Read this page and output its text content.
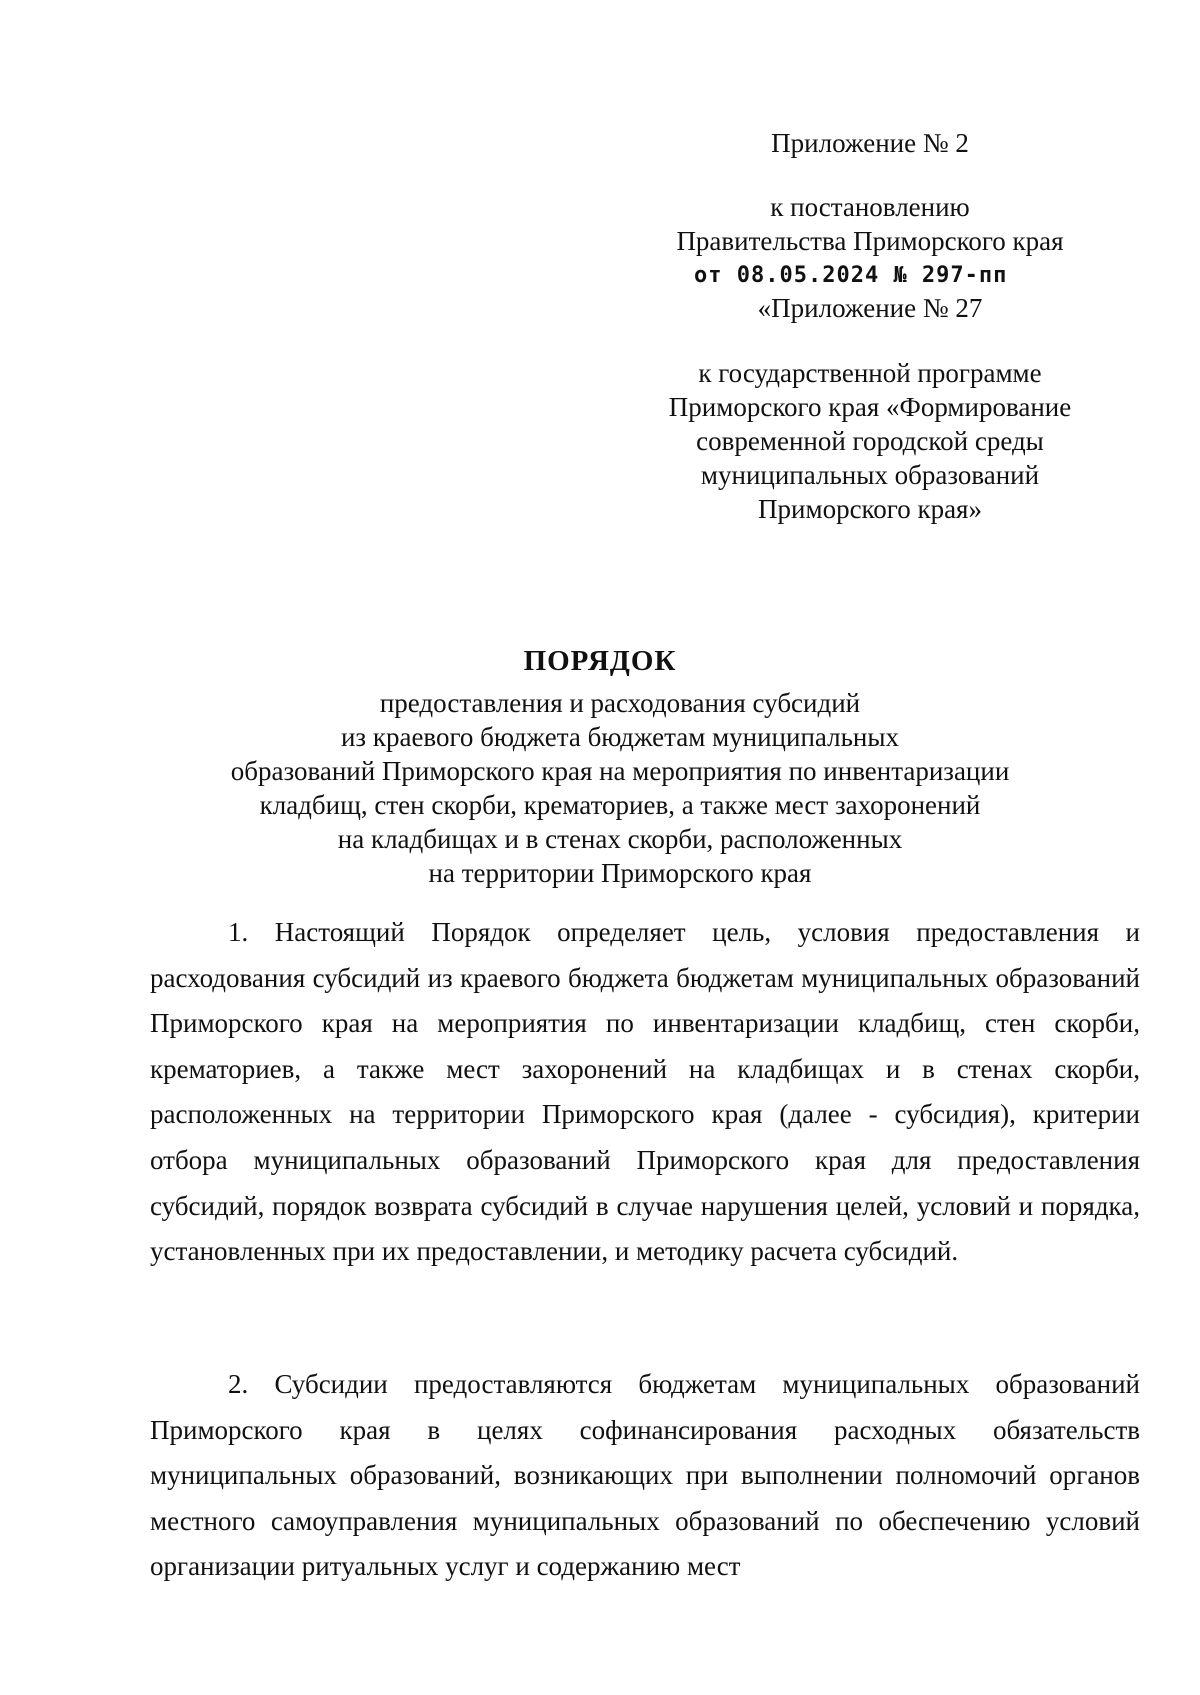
Приложение № 2
к постановлению
Правительства Приморского края
от 08.05.2024 № 297-пп
«Приложение № 27
к государственной программе
Приморского края «Формирование
современной городской среды
муниципальных образований
Приморского края»
ПОРЯДОК
предоставления и расходования субсидий
из краевого бюджета бюджетам муниципальных
образований Приморского края на мероприятия по инвентаризации
кладбищ, стен скорби, крематориев, а также мест захоронений
на кладбищах и в стенах скорби, расположенных
на территории Приморского края

1. Настоящий Порядок определяет цель, условия предоставления и расходования субсидий из краевого бюджета бюджетам муниципальных образований Приморского края на мероприятия по инвентаризации кладбищ, стен скорби, крематориев, а также мест захоронений на кладбищах и в стенах скорби, расположенных на территории Приморского края (далее - субсидия), критерии отбора муниципальных образований Приморского края для предоставления субсидий, порядок возврата субсидий в случае нарушения целей, условий и порядка, установленных при их предоставлении, и методику расчета субсидий.

2. Субсидии предоставляются бюджетам муниципальных образований Приморского края в целях софинансирования расходных обязательств муниципальных образований, возникающих при выполнении полномочий органов местного самоуправления муниципальных образований по обеспечению условий организации ритуальных услуг и содержанию мест
